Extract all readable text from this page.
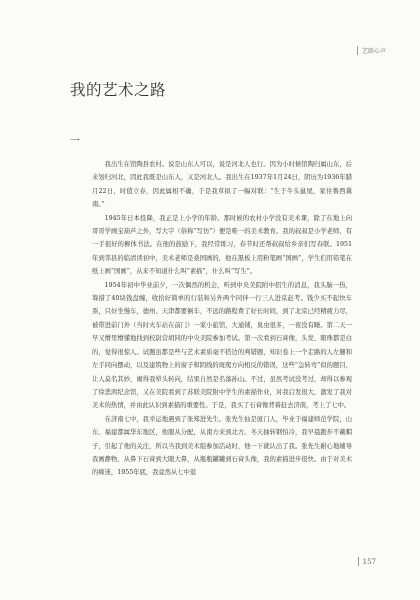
艺路心声
我的艺术之路
一

我出生在馆陶县农村。说是山东人可以，说是河北人也行。因为小时候馆陶归属山东，后来划归河北，因此我既是山东人，又是河北人。我出生在1937年1月24日，阴历为1936年腊月22日，时值立春，因此属相不确，于是我草拟了一幅对联：“生于牛头鼠尾，家住鲁西冀南。”

1945年日本投降，我正是上小学的年龄。那时候的农村小学没有美术课，除了在地上向哥哥学画宝葫芦之外，写大字（俗称“写仿”）便是唯一的美术教育。我的叔叔是小学老师，有一手很好的柳体书法。在他的鼓励下，我经常练习，春节时还帮叔叔给乡亲们写春联。1951年到邻县的临清读初中，美术老师是桑国画的，他在黑板上用粉笔画“国画”，学生们用铅笔在纸上画“国画”，从来不知道什么叫“素描”，什么叫“写生”。

1954年初中毕业前夕，一次偶然的机会，听到中央美院附中招生的消息，我头脑一热，筹措了40块钱盘缠，收拾好简单的行装和另外两个同伴一行三人进京赶考。钱少买不起快车票，只好坐慢车，德州、天津都要倒车，不远的路程费了好长时间，到了北京已经精疲力尽，被带进前门外（当时火车站在前门）一家小旅馆，大通铺，臭虫很多，一夜没有睡。第二天一早又懵里懵懂地找到校尉营胡同的中央美院参加考试。第一次看到石膏像，头发、眼珠都是白的，觉得很惊人。试题虽都是些与艺术素质毫不搭边的判错题，知识卷上一个走路的人左腿和左手同向摆动，以及建筑物上的窗子和阴线的斑爬方向相反的错误，这些“急转弯”似的题目，让人莫名其妙，闹得我晕头转向，结果自然是名落孙山。不过，虽然考试没考过，却得以参观了徐悲鸿纪念馆，又在美院看到了苏联美院附中学生的素描作业，对我启发很大，激发了我对美术的热情，并由此认识到素描的重要性。于是，我买了石膏像背着赶去济南，考上了七中。

在济南七中，我幸运地遇到了张郑进先生。张先生仙是厦门人，毕业于福建师范学院，山东、福建都属华东地区，他服从分配，从南方来到北方。冬天抽转钢怕冷，我早晨跑步不戴帽子，引起了他的关注，所以当我到美术组参加活动时，他一下就认出了我。张先生耐心地辅导我画静物，从鼻下石膏到大眼大鼻，从瓶瓶罐罐到石膏头像，我的素描进步很快。由于对美术的痴迷，1955年底，我竟然从七中退

157
